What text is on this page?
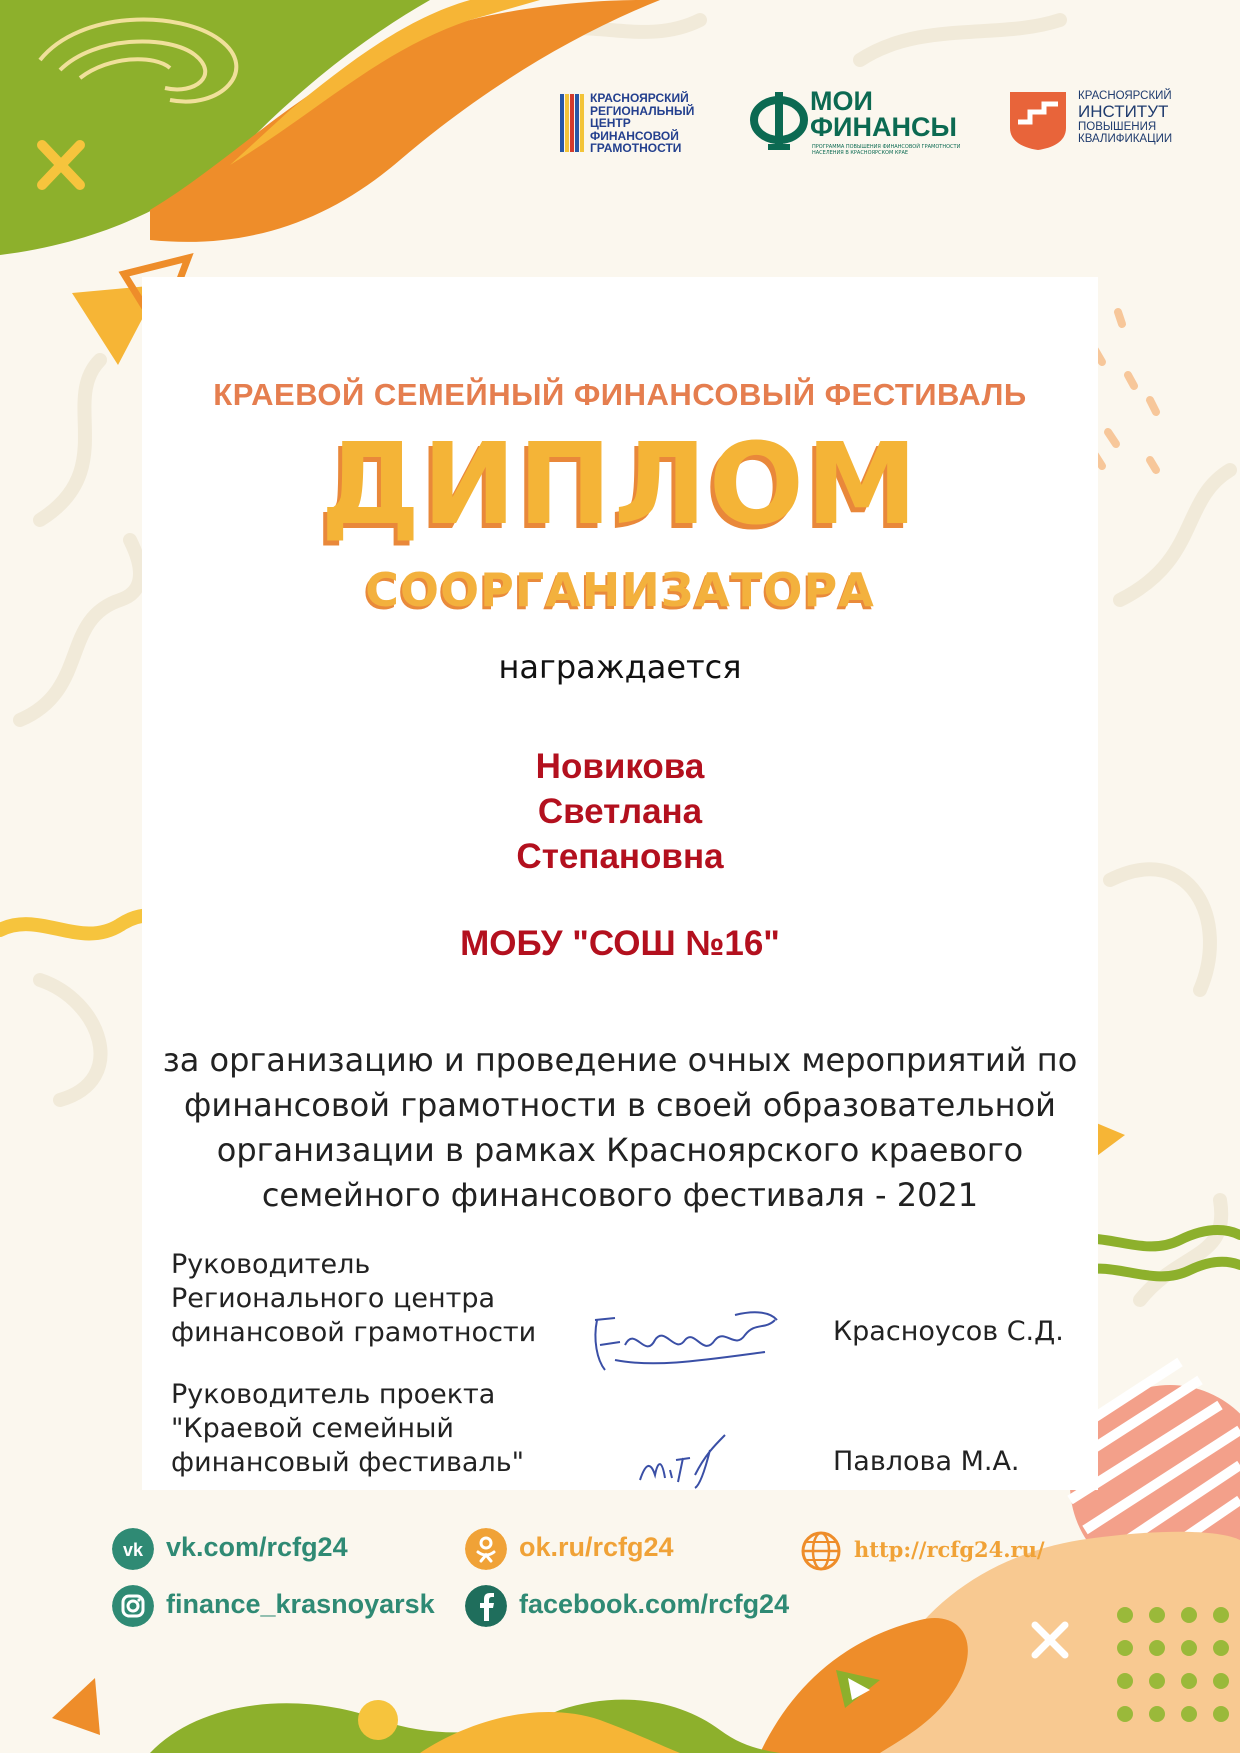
КРАСНОЯРСКИЙ РЕГИОНАЛЬНЫЙ ЦЕНТР ФИНАНСОВОЙ ГРАМОТНОСТИ
МОИ ФИНАНСЫ
ПРОГРАММА ПОВЫШЕНИЯ ФИНАНСОВОЙ ГРАМОТНОСТИ НАСЕЛЕНИЯ В КРАСНОЯРСКОМ КРАЕ
КРАСНОЯРСКИЙ
ИНСТИТУТ
ПОВЫШЕНИЯ
КВАЛИФИКАЦИИ
КРАЕВОЙ СЕМЕЙНЫЙ ФИНАНСОВЫЙ ФЕСТИВАЛЬ
ДИПЛОМ
СООРГАНИЗАТОРА
награждается
Новикова
Светлана
Степановна
МОБУ "СОШ №16"
за организацию и проведение очных мероприятий по
финансовой грамотности в своей образовательной
организации в рамках Красноярского краевого
семейного финансового фестиваля - 2021
Руководитель
Регионального центра
финансовой грамотности	Красноусов С.Д.
Руководитель проекта
"Краевой семейный
финансовый фестиваль"	Павлова М.А.
vk vk.com/rcfg24	ok.ru/rcfg24	http://rcfg24.ru/
finance_krasnoyarsk	facebook.com/rcfg24
